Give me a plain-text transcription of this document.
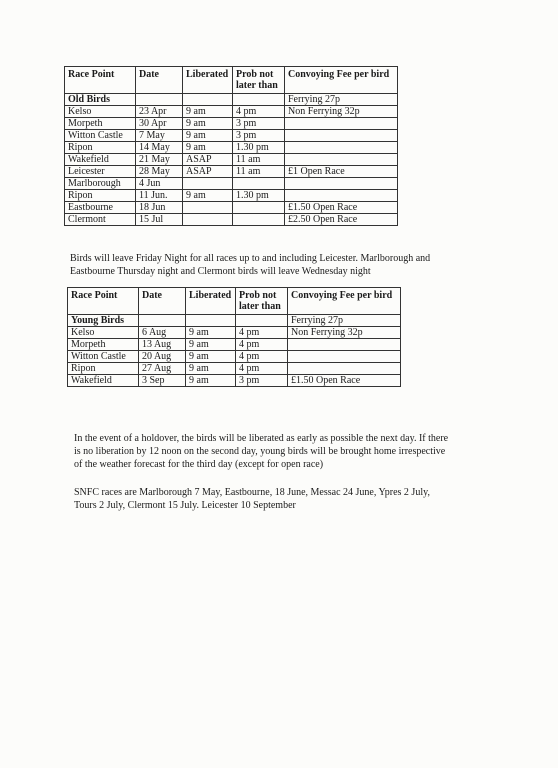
Race Point	Date	Liberated	Prob not later than	Convoying Fee per bird
Old Birds				Ferrying 27p
Kelso	23 Apr	9 am	4 pm	Non Ferrying 32p
Morpeth	30 Apr	9 am	3 pm	
Witton Castle	7 May	9 am	3 pm	
Ripon	14 May	9 am	1.30 pm	
Wakefield	21 May	ASAP	11 am	
Leicester	28 May	ASAP	11 am	£1 Open Race
Marlborough	4 Jun			
Ripon	11 Jun.	9 am	1.30 pm	
Eastbourne	18 Jun			£1.50 Open Race
Clermont	15 Jul			£2.50 Open Race

Birds will leave Friday Night for all races up to and including Leicester. Marlborough and Eastbourne Thursday night and Clermont birds will leave Wednesday night

Race Point	Date	Liberated	Prob not later than	Convoying Fee per bird
Young Birds				Ferrying 27p
Kelso	6 Aug	9 am	4 pm	Non Ferrying 32p
Morpeth	13 Aug	9 am	4 pm	
Witton Castle	20 Aug	9 am	4 pm	
Ripon	27 Aug	9 am	4 pm	
Wakefield	3 Sep	9 am	3 pm	£1.50 Open Race

In the event of a holdover, the birds will be liberated as early as possible the next day. If there is no liberation by 12 noon on the second day, young birds will be brought home irrespective of the weather forecast for the third day (except for open race)

SNFC races are Marlborough 7 May, Eastbourne, 18 June, Messac 24 June, Ypres 2 July, Tours 2 July, Clermont 15 July. Leicester 10 September
